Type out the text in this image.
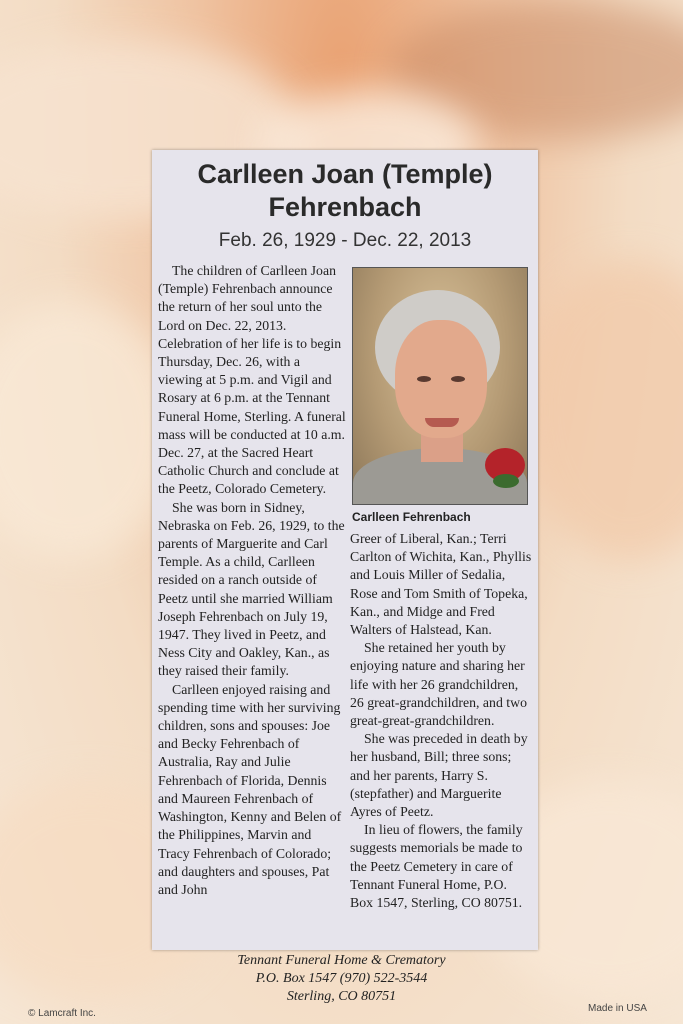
Carlleen Joan (Temple)
Fehrenbach
Feb. 26, 1929 - Dec. 22, 2013

The children of Carlleen Joan (Temple) Fehrenbach announce the return of her soul unto the Lord on Dec. 22, 2013. Celebration of her life is to begin Thursday, Dec. 26, with a viewing at 5 p.m. and Vigil and Rosary at 6 p.m. at the Tennant Funeral Home, Sterling. A funeral mass will be conducted at 10 a.m. Dec. 27, at the Sacred Heart Catholic Church and conclude at the Peetz, Colorado Cemetery.

She was born in Sidney, Nebraska on Feb. 26, 1929, to the parents of Marguerite and Carl Temple. As a child, Carlleen resided on a ranch outside of Peetz until she married William Joseph Fehrenbach on July 19, 1947. They lived in Peetz, and Ness City and Oakley, Kan., as they raised their family.

Carlleen enjoyed raising and spending time with her surviving children, sons and spouses: Joe and Becky Fehrenbach of Australia, Ray and Julie Fehrenbach of Florida, Dennis and Maureen Fehrenbach of Washington, Kenny and Belen of the Philippines, Marvin and Tracy Fehrenbach of Colorado; and daughters and spouses, Pat and John

Carlleen Fehrenbach

Greer of Liberal, Kan.; Terri Carlton of Wichita, Kan., Phyllis and Louis Miller of Sedalia, Rose and Tom Smith of Topeka, Kan., and Midge and Fred Walters of Halstead, Kan.

She retained her youth by enjoying nature and sharing her life with her 26 grandchildren, 26 great-grandchildren, and two great-great-grandchildren.

She was preceded in death by her husband, Bill; three sons; and her parents, Harry S. (stepfather) and Marguerite Ayres of Peetz.

In lieu of flowers, the family suggests memorials be made to the Peetz Cemetery in care of Tennant Funeral Home, P.O. Box 1547, Sterling, CO 80751.

Tennant Funeral Home & Crematory
P.O. Box 1547 (970) 522-3544
Sterling, CO 80751
© Lamcraft Inc.	Made in USA
